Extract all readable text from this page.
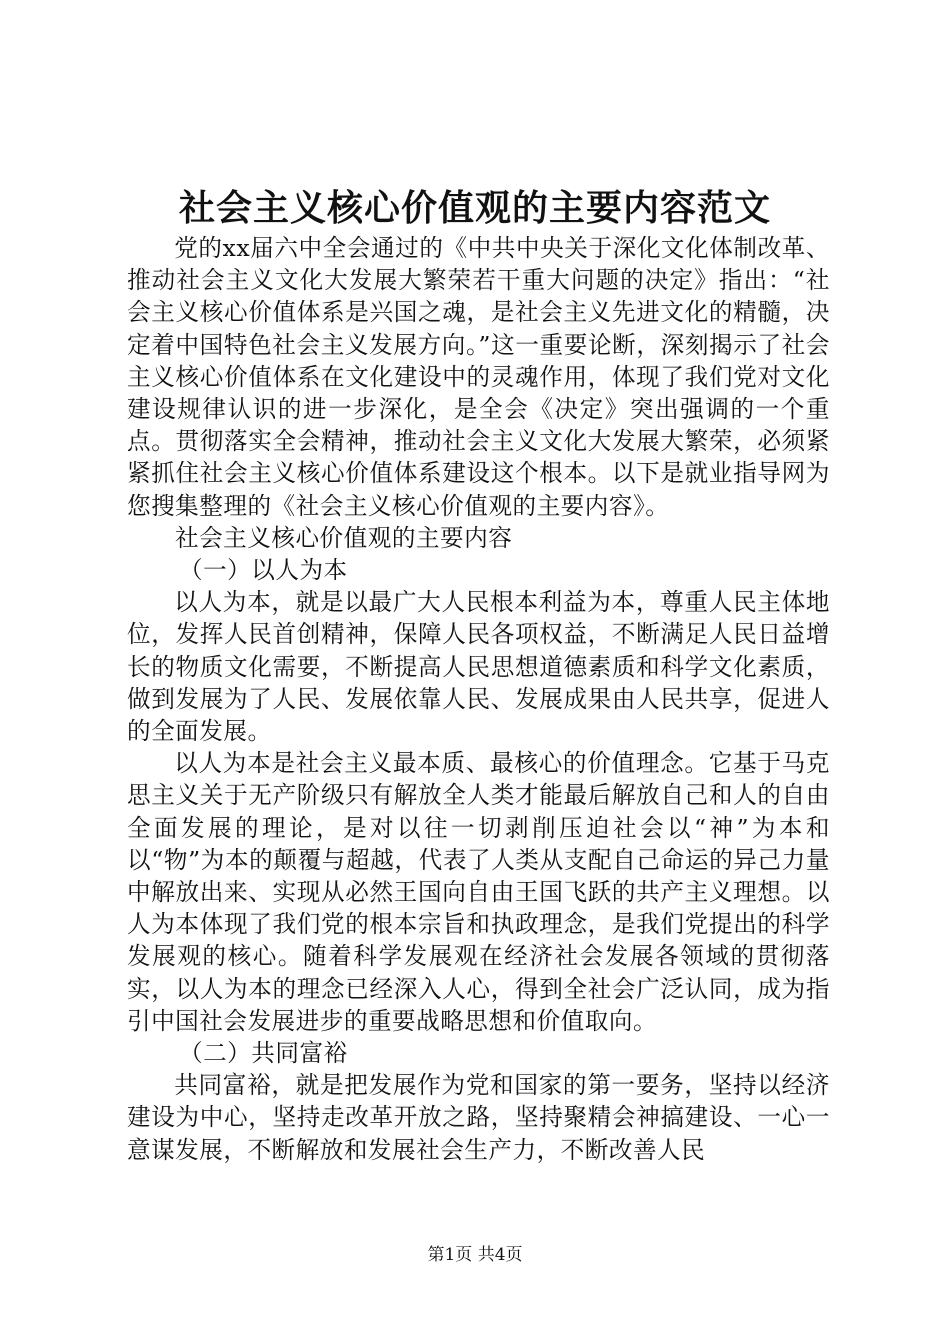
社会主义核心价值观的主要内容范文

党的xx届六中全会通过的《中共中央关于深化文化体制改革、推动社会主义文化大发展大繁荣若干重大问题的决定》指出：“社会主义核心价值体系是兴国之魂，是社会主义先进文化的精髓，决定着中国特色社会主义发展方向。”这一重要论断，深刻揭示了社会主义核心价值体系在文化建设中的灵魂作用，体现了我们党对文化建设规律认识的进一步深化，是全会《决定》突出强调的一个重点。贯彻落实全会精神，推动社会主义文化大发展大繁荣，必须紧紧抓住社会主义核心价值体系建设这个根本。以下是就业指导网为您搜集整理的《社会主义核心价值观的主要内容》。

社会主义核心价值观的主要内容

（一）以人为本

以人为本，就是以最广大人民根本利益为本，尊重人民主体地位，发挥人民首创精神，保障人民各项权益，不断满足人民日益增长的物质文化需要，不断提高人民思想道德素质和科学文化素质，做到发展为了人民、发展依靠人民、发展成果由人民共享，促进人的全面发展。

以人为本是社会主义最本质、最核心的价值理念。它基于马克思主义关于无产阶级只有解放全人类才能最后解放自己和人的自由全面发展的理论，是对以往一切剥削压迫社会以“神”为本和以“物”为本的颠覆与超越，代表了人类从支配自己命运的异己力量中解放出来、实现从必然王国向自由王国飞跃的共产主义理想。以人为本体现了我们党的根本宗旨和执政理念，是我们党提出的科学发展观的核心。随着科学发展观在经济社会发展各领域的贯彻落实，以人为本的理念已经深入人心，得到全社会广泛认同，成为指引中国社会发展进步的重要战略思想和价值取向。

（二）共同富裕

共同富裕，就是把发展作为党和国家的第一要务，坚持以经济建设为中心，坚持走改革开放之路，坚持聚精会神搞建设、一心一意谋发展，不断解放和发展社会生产力，不断改善人民

第1页 共4页
